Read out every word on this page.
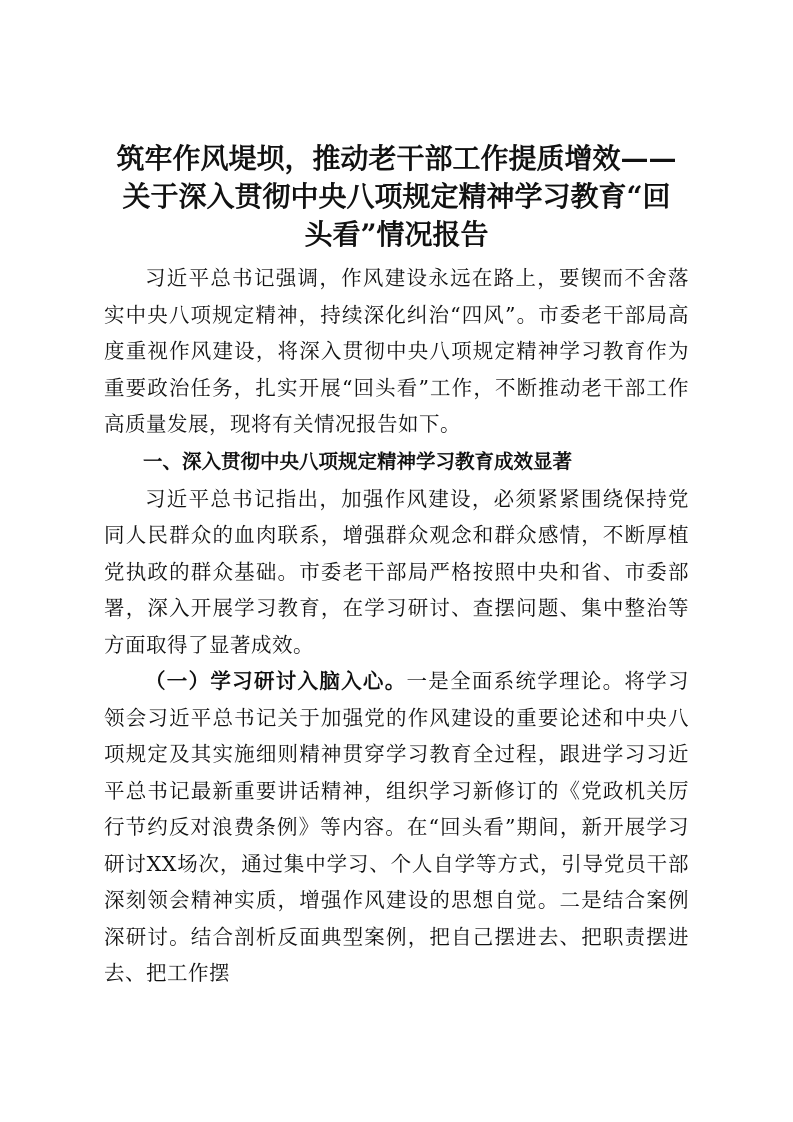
筑牢作风堤坝，推动老干部工作提质增效——
关于深入贯彻中央八项规定精神学习教育“回
头看”情况报告

习近平总书记强调，作风建设永远在路上，要锲而不舍落实中央八项规定精神，持续深化纠治“四风”。市委老干部局高度重视作风建设，将深入贯彻中央八项规定精神学习教育作为重要政治任务，扎实开展“回头看”工作，不断推动老干部工作高质量发展，现将有关情况报告如下。

一、深入贯彻中央八项规定精神学习教育成效显著

习近平总书记指出，加强作风建设，必须紧紧围绕保持党同人民群众的血肉联系，增强群众观念和群众感情，不断厚植党执政的群众基础。市委老干部局严格按照中央和省、市委部署，深入开展学习教育，在学习研讨、查摆问题、集中整治等方面取得了显著成效。

（一）学习研讨入脑入心。一是全面系统学理论。将学习领会习近平总书记关于加强党的作风建设的重要论述和中央八项规定及其实施细则精神贯穿学习教育全过程，跟进学习习近平总书记最新重要讲话精神，组织学习新修订的《党政机关厉行节约反对浪费条例》等内容。在“回头看”期间，新开展学习研讨XX场次，通过集中学习、个人自学等方式，引导党员干部深刻领会精神实质，增强作风建设的思想自觉。二是结合案例深研讨。结合剖析反面典型案例，把自己摆进去、把职责摆进去、把工作摆
